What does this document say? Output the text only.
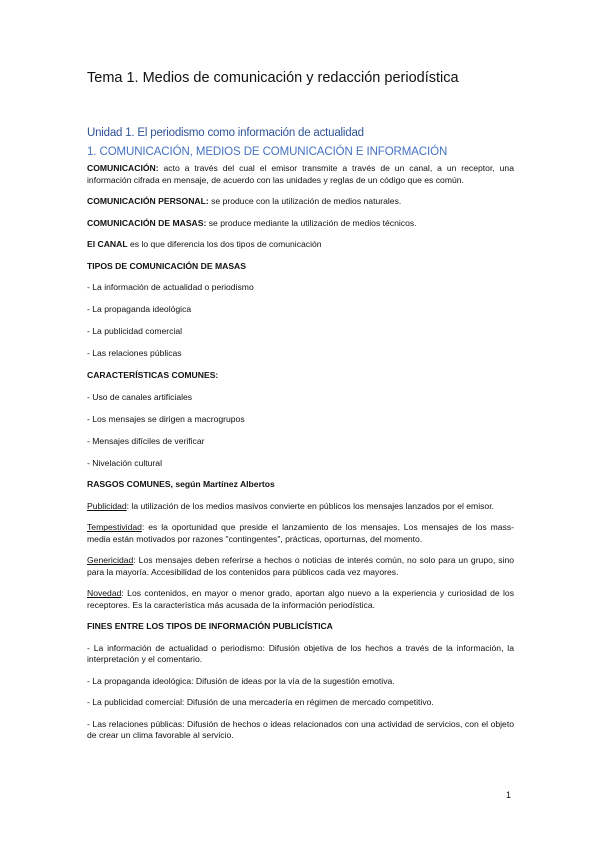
Tema 1. Medios de comunicación y redacción periodística
Unidad 1. El periodismo como información de actualidad
1. COMUNICACIÓN, MEDIOS DE COMUNICACIÓN E INFORMACIÓN

COMUNICACIÓN: acto a través del cual el emisor transmite a través de un canal, a un receptor, una información cifrada en mensaje, de acuerdo con las unidades y reglas de un código que es común.

COMUNICACIÓN PERSONAL: se produce con la utilización de medios naturales.

COMUNICACIÓN DE MASAS: se produce mediante la utilización de medios técnicos.

El CANAL es lo que diferencia los dos tipos de comunicación

TIPOS DE COMUNICACIÓN DE MASAS

- La información de actualidad o periodismo

- La propaganda ideológica

- La publicidad comercial

- Las relaciones públicas

CARACTERÍSTICAS COMUNES:

- Uso de canales artificiales

- Los mensajes se dirigen a macrogrupos

- Mensajes difíciles de verificar

- Nivelación cultural

RASGOS COMUNES, según Martínez Albertos

Publicidad: la utilización de los medios masivos convierte en públicos los mensajes lanzados por el emisor.

Tempestividad: es la oportunidad que preside el lanzamiento de los mensajes. Los mensajes de los mass-media están motivados por razones "contingentes", prácticas, oporturnas, del momento.

Genericidad: Los mensajes deben referirse a hechos o noticias de interés común, no solo para un grupo, sino para la mayoría. Accesibilidad de los contenidos para públicos cada vez mayores.

Novedad: Los contenidos, en mayor o menor grado, aportan algo nuevo a la experiencia y curiosidad de los receptores. Es la característica más acusada de la información periodística.

FINES ENTRE LOS TIPOS DE INFORMACIÓN PUBLICÍSTICA

- La información de actualidad o periodismo: Difusión objetiva de los hechos a través de la información, la interpretación y el comentario.

- La propaganda ideológica: Difusión de ideas por la vía de la sugestión emotiva.

- La publicidad comercial: Difusión de una mercadería en régimen de mercado competitivo.

- Las relaciones públicas: Difusión de hechos o ideas relacionados con una actividad de servicios, con el objeto de crear un clima favorable al servicio.

1
